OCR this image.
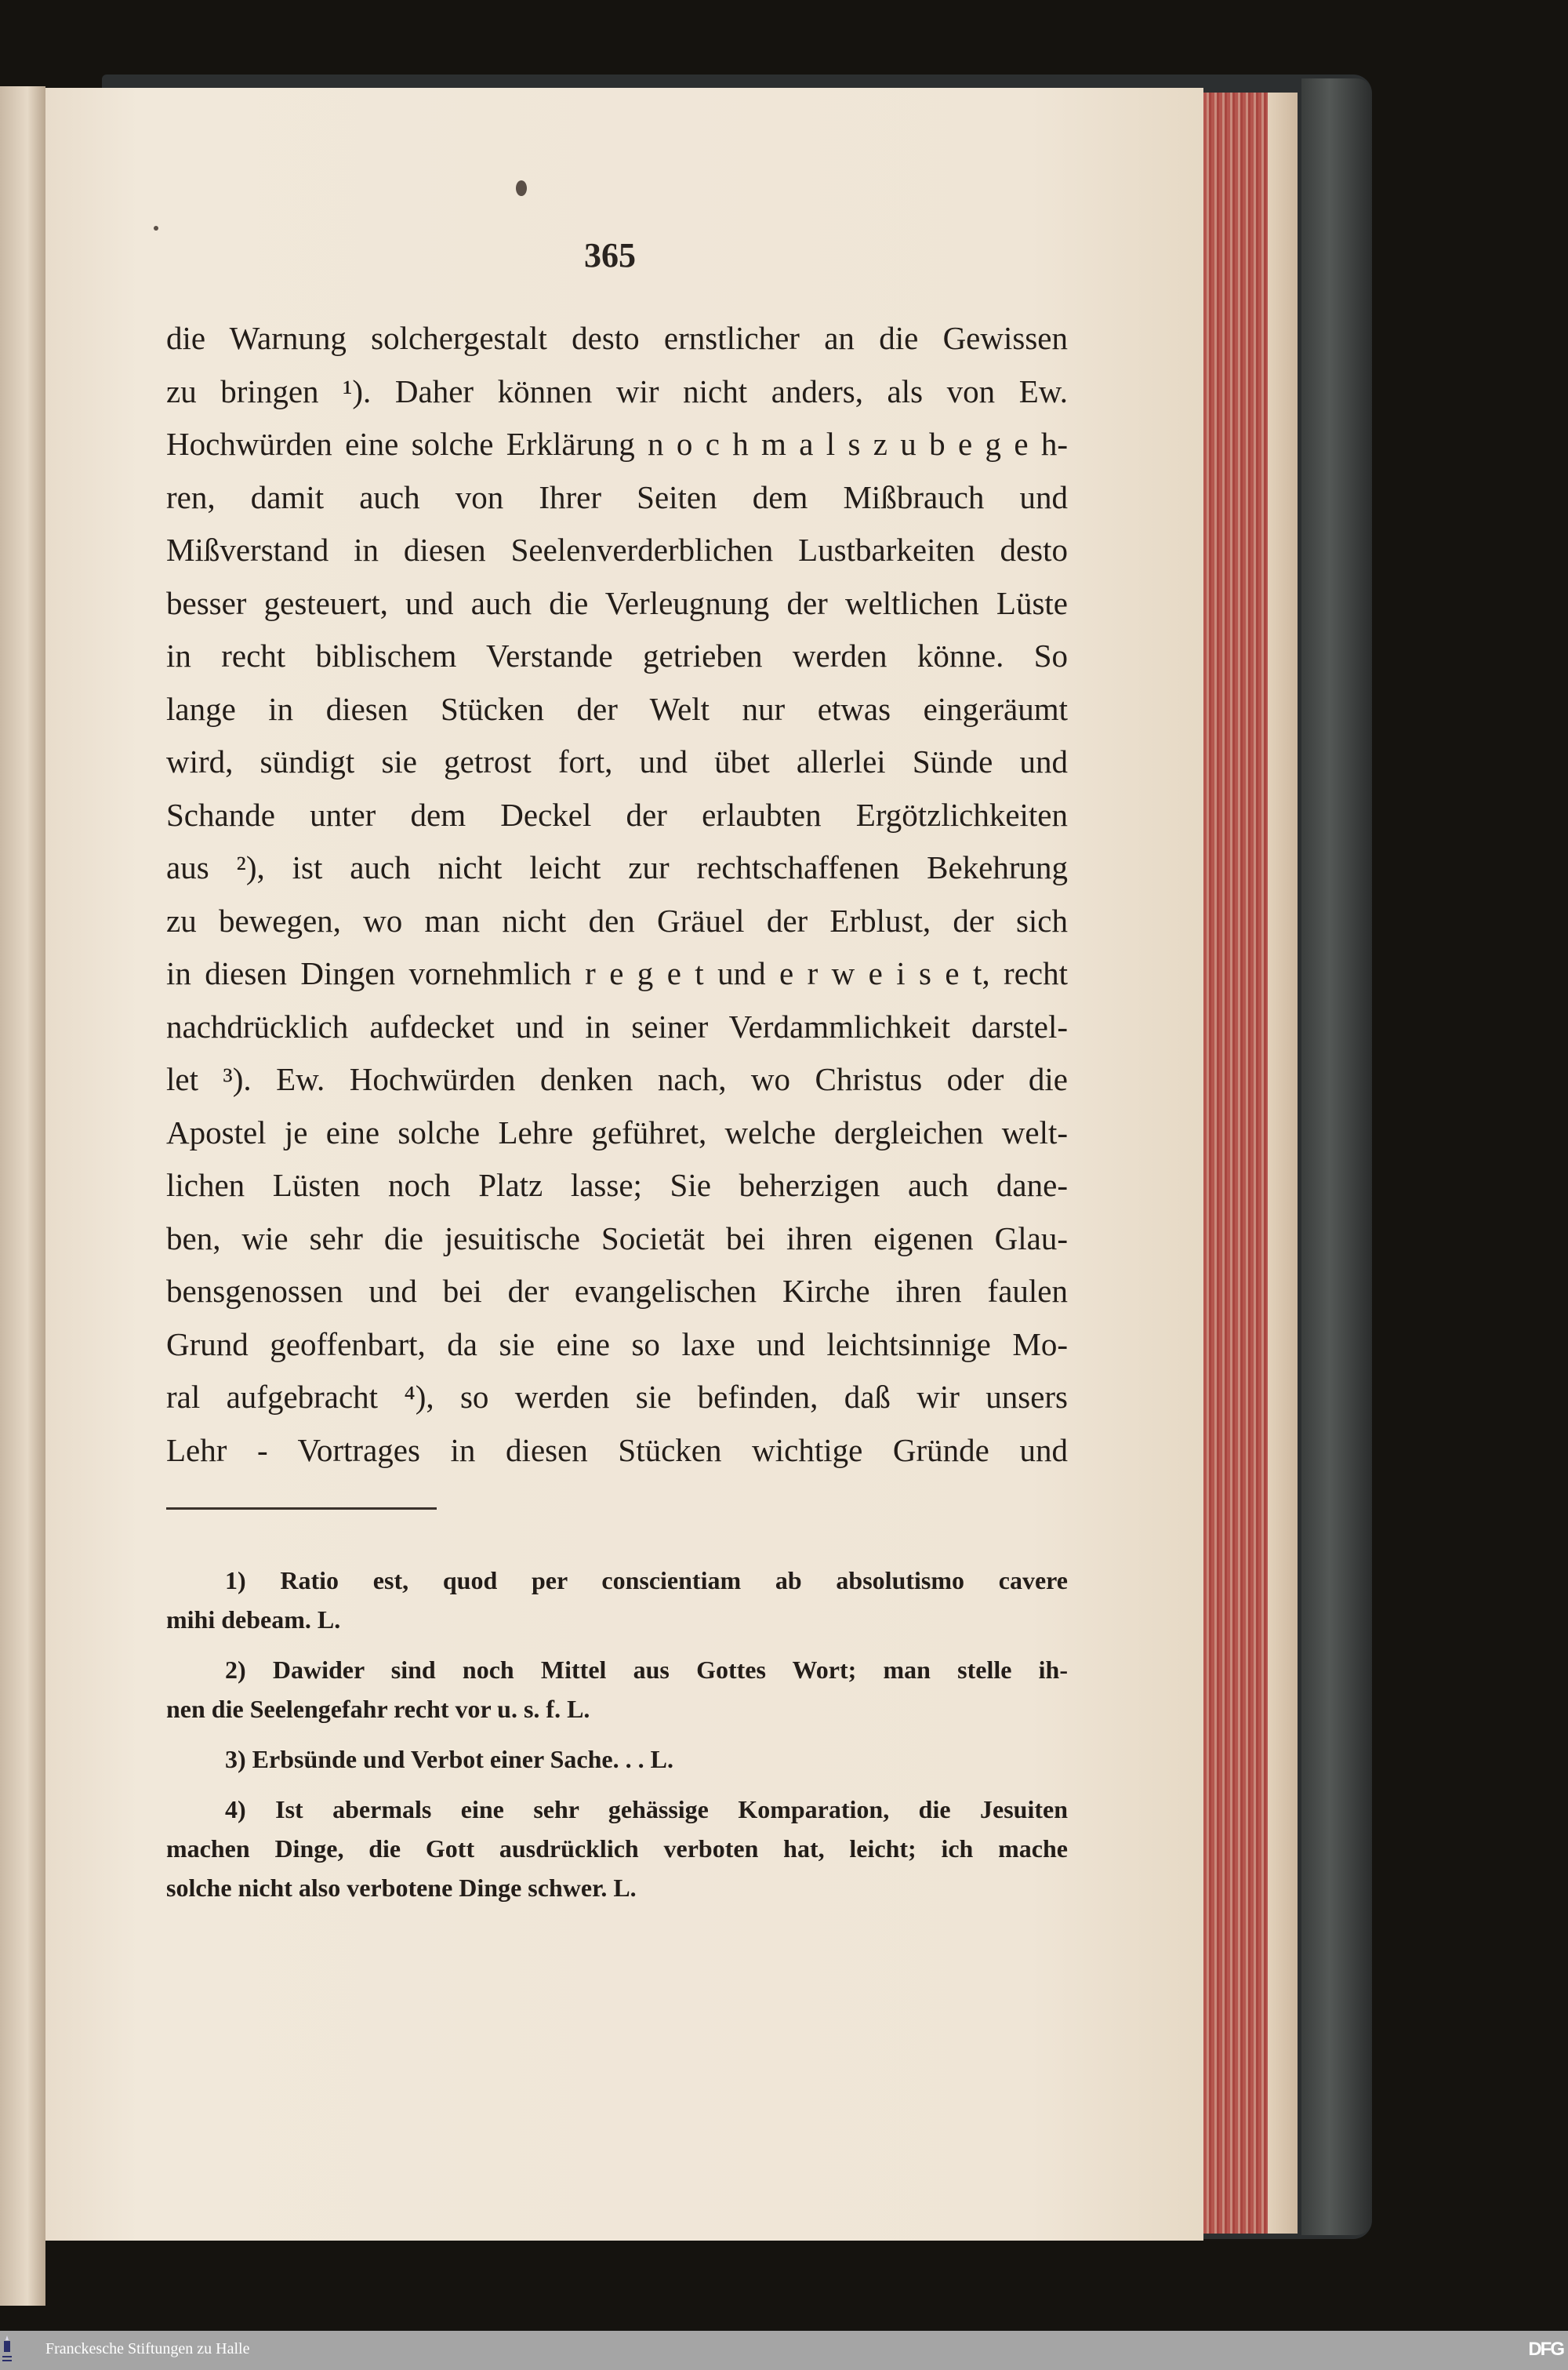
365
die Warnung solchergestalt desto ernstlicher an die Gewissen
zu bringen ¹). Daher können wir nicht anders, als von Ew.
Hochwürden eine solche Erklärung n o c h m a l s z u b e g e h-
ren, damit auch von Ihrer Seiten dem Mißbrauch und
Mißverstand in diesen Seelenverderblichen Lustbarkeiten desto
besser gesteuert, und auch die Verleugnung der weltlichen Lüste
in recht biblischem Verstande getrieben werden könne. So
lange in diesen Stücken der Welt nur etwas eingeräumt
wird, sündigt sie getrost fort, und übet allerlei Sünde und
Schande unter dem Deckel der erlaubten Ergötzlichkeiten
aus ²), ist auch nicht leicht zur rechtschaffenen Bekehrung
zu bewegen, wo man nicht den Gräuel der Erblust, der sich
in diesen Dingen vornehmlich r e g e t und e r w e i s e t, recht
nachdrücklich aufdecket und in seiner Verdammlichkeit darstel-
let ³). Ew. Hochwürden denken nach, wo Christus oder die
Apostel je eine solche Lehre geführet, welche dergleichen welt-
lichen Lüsten noch Platz lasse; Sie beherzigen auch dane-
ben, wie sehr die jesuitische Societät bei ihren eigenen Glau-
bensgenossen und bei der evangelischen Kirche ihren faulen
Grund geoffenbart, da sie eine so laxe und leichtsinnige Mo-
ral aufgebracht ⁴), so werden sie befinden, daß wir unsers
Lehr - Vortrages in diesen Stücken wichtige Gründe und
1) Ratio est, quod per conscientiam ab absolutismo cavere
mihi debeam. L.
2) Dawider sind noch Mittel aus Gottes Wort; man stelle ih-
nen die Seelengefahr recht vor u. s. f. L.
3) Erbsünde und Verbot einer Sache. . . L.
4) Ist abermals eine sehr gehässige Komparation, die Jesuiten
machen Dinge, die Gott ausdrücklich verboten hat, leicht; ich mache
solche nicht also verbotene Dinge schwer. L.
Franckesche Stiftungen zu Halle	DFG
